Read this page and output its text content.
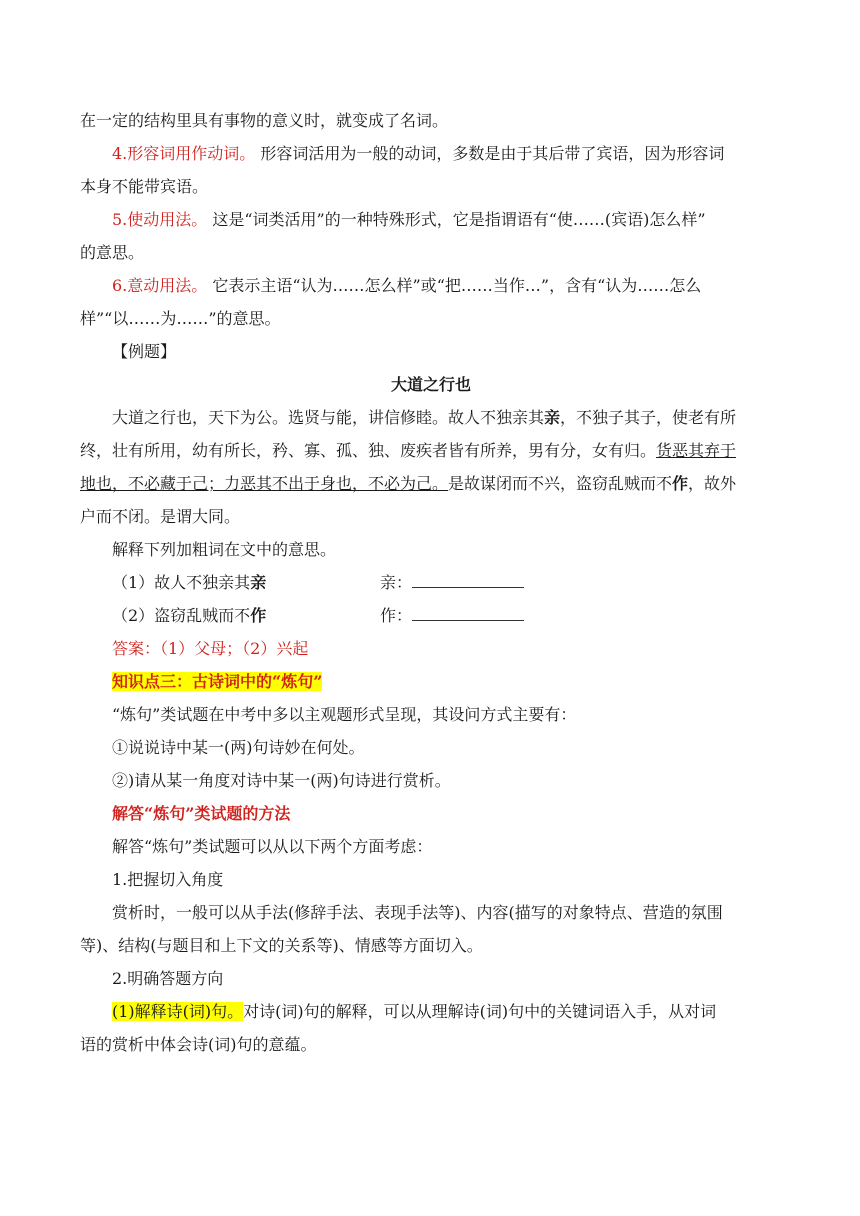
在一定的结构里具有事物的意义时，就变成了名词。

4.形容词用作动词。 形容词活用为一般的动词，多数是由于其后带了宾语，因为形容词

本身不能带宾语。

5.使动用法。 这是“词类活用”的一种特殊形式，它是指谓语有“使……(宾语)怎么样”

的意思。

6.意动用法。 它表示主语“认为……怎么样”或“把……当作…”，含有“认为……怎么

样”“以……为……”的意思。

【例题】

大道之行也

大道之行也，天下为公。选贤与能，讲信修睦。故人不独亲其亲，不独子其子，使老有所

终，壮有所用，幼有所长，矜、寡、孤、独、废疾者皆有所养，男有分，女有归。货恶其弃于

地也，不必藏于己；力恶其不出于身也，不必为己。是故谋闭而不兴，盗窃乱贼而不作，故外

户而不闭。是谓大同。

解释下列加粗词在文中的意思。

（1）故人不独亲其亲	亲：
（2）盗窃乱贼而不作	作：

答案：（1）父母；（2）兴起

知识点三：古诗词中的“炼句”

“炼句”类试题在中考中多以主观题形式呈现，其设问方式主要有：

①说说诗中某一(两)句诗妙在何处。

②)请从某一角度对诗中某一(两)句诗进行赏析。

解答“炼句”类试题的方法

解答“炼句”类试题可以从以下两个方面考虑：

1.把握切入角度

赏析时，一般可以从手法(修辞手法、表现手法等)、内容(描写的对象特点、营造的氛围

等)、结构(与题目和上下文的关系等)、情感等方面切入。

2.明确答题方向

(1)解释诗(词)句。对诗(词)句的解释，可以从理解诗(词)句中的关键词语入手，从对词

语的赏析中体会诗(词)句的意蕴。
